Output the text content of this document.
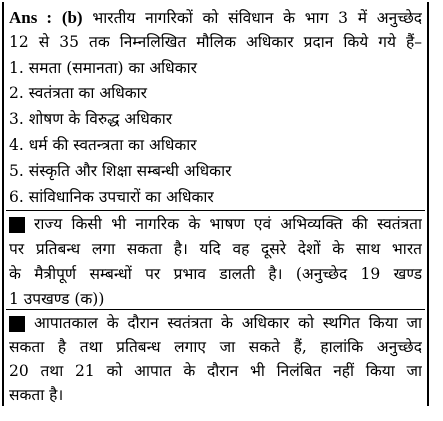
Ans : (b) भारतीय नागरिकों को संविधान के भाग 3 में अनुच्छेद
12 से 35 तक निम्नलिखित मौलिक अधिकार प्रदान किये गये हैं–
1. समता (समानता) का अधिकार
2. स्वतंत्रता का अधिकार
3. शोषण के विरुद्ध अधिकार
4. धर्म की स्वतन्त्रता का अधिकार
5. संस्कृति और शिक्षा सम्बन्धी अधिकार
6. सांविधानिक उपचारों का अधिकार
राज्य किसी भी नागरिक के भाषण एवं अभिव्यक्ति की स्वतंत्रता
पर प्रतिबन्ध लगा सकता है। यदि वह दूसरे देशों के साथ भारत
के मैत्रीपूर्ण सम्बन्धों पर प्रभाव डालती है। (अनुच्छेद 19 खण्ड
1 उपखण्ड (क))
आपातकाल के दौरान स्वतंत्रता के अधिकार को स्थगित किया जा
सकता है तथा प्रतिबन्ध लगाए जा सकते हैं, हालांकि अनुच्छेद
20 तथा 21 को आपात के दौरान भी निलंबित नहीं किया जा
सकता है।
